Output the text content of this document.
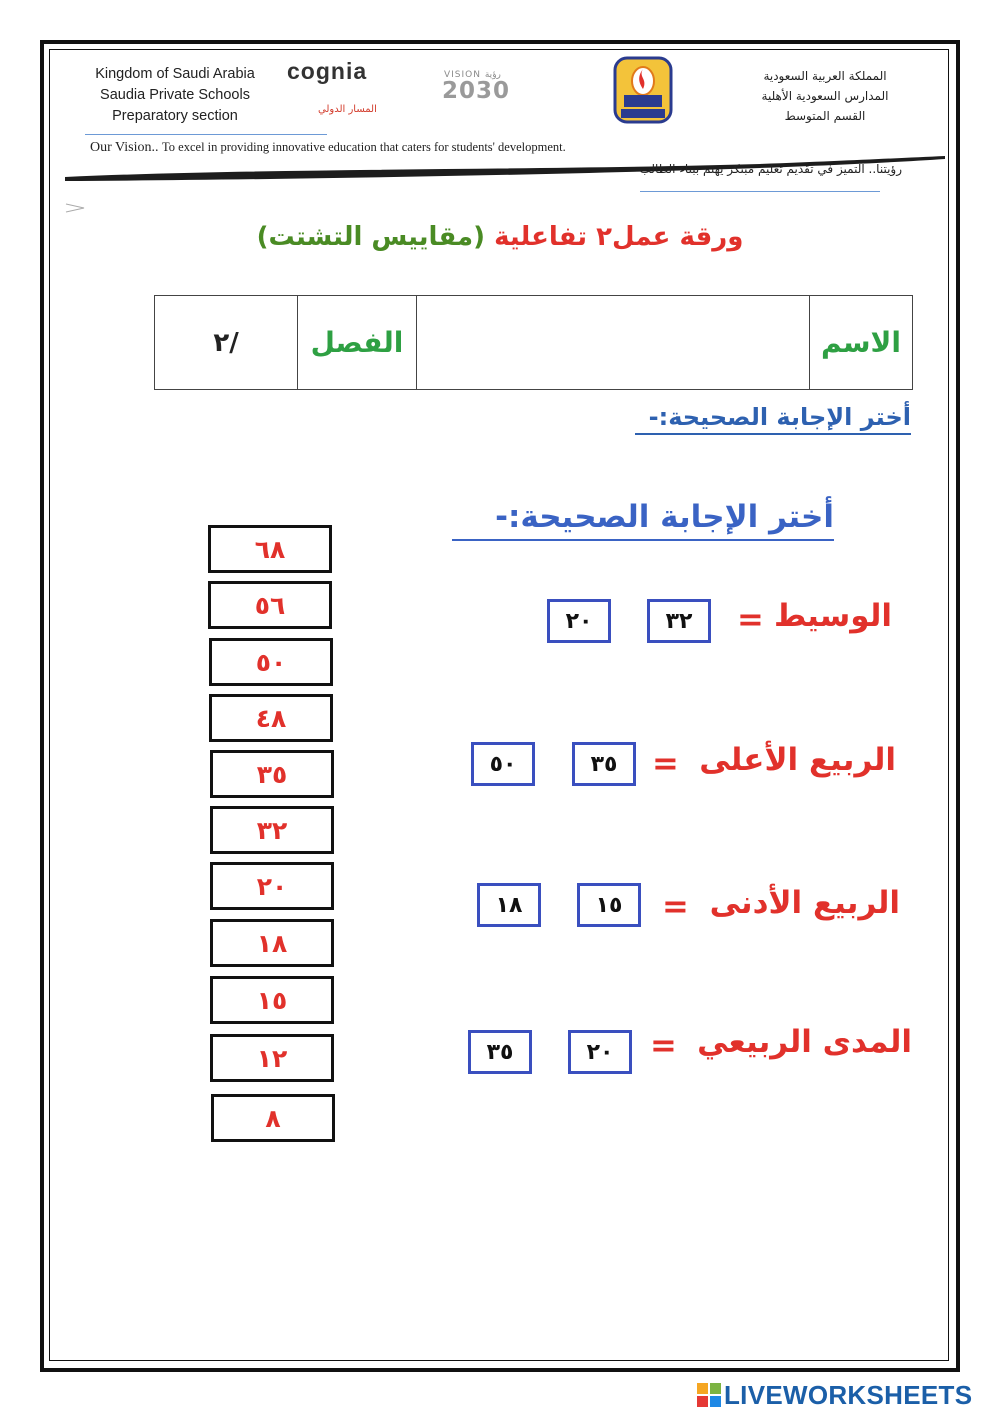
Kingdom of Saudi Arabia
Saudia Private Schools
Preparatory section
cognia
المسار الدولي
VISION رؤية
2030
المملكة العربية السعودية
المدارس السعودية الأهلية
القسم المتوسط
Our Vision.. To excel in providing innovative education that caters for students' development.
رؤيتنا.. التميز في تقديم تعليم مبتكر يهتم ببناء الطالب
ورقة عمل٢ تفاعلية (مقاييس التشتت)
٢/	الفصل		الاسم
أختر الإجابة الصحيحة:-
أختر الإجابة الصحيحة:-
الوسيط
=
٣٢
٢٠
الربيع الأعلى
=
٣٥
٥٠
الربيع الأدنى
=
١٥
١٨
المدى الربيعي
=
٢٠
٣٥
٦٨
٥٦
٥٠
٤٨
٣٥
٣٢
٢٠
١٨
١٥
١٢
٨
LIVEWORKSHEETS
